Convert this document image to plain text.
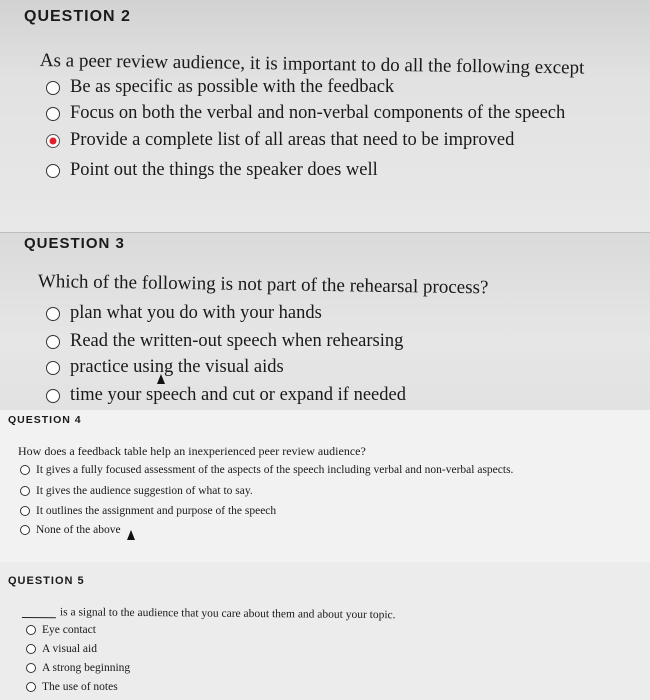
QUESTION 2
As a peer review audience, it is important to do all the following except
Be as specific as possible with the feedback
Focus on both the verbal and non-verbal components of the speech
Provide a complete list of all areas that need to be improved
Point out the things the speaker does well
QUESTION 3
Which of the following is not part of the rehearsal process?
plan what you do with your hands
Read the written-out speech when rehearsing
practice using the visual aids
time your speech and cut or expand if needed
QUESTION 4
How does a feedback table help an inexperienced peer review audience?
It gives a fully focused assessment of the aspects of the speech including verbal and non-verbal aspects.
It gives the audience suggestion of what to say.
It outlines the assignment and purpose of the speech
None of the above
QUESTION 5
is a signal to the audience that you care about them and about your topic.
Eye contact
A visual aid
A strong beginning
The use of notes
